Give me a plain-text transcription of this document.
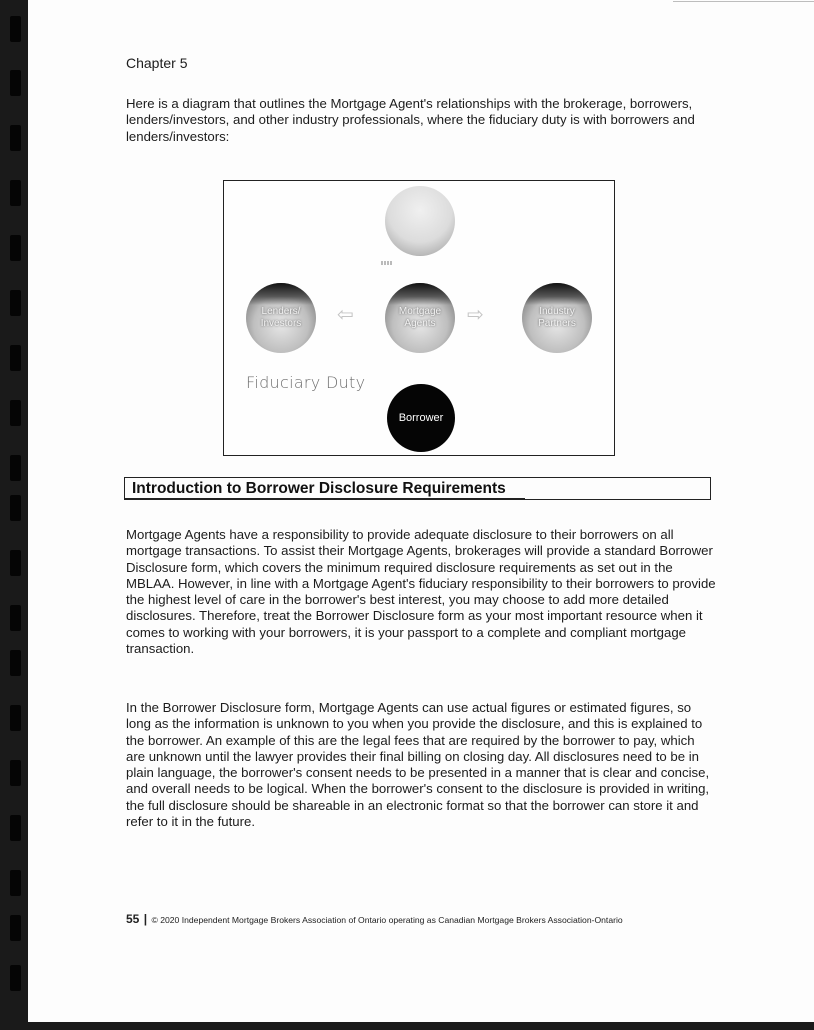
Chapter 5

Here is a diagram that outlines the Mortgage Agent's relationships with the brokerage, borrowers, lenders/investors, and other industry professionals, where the fiduciary duty is with borrowers and lenders/investors:

Lenders/ Investors	⇦	Mortgage Agents	⇨	Industry Partners
Fiduciary Duty
Borrower
Introduction to Borrower Disclosure Requirements

Mortgage Agents have a responsibility to provide adequate disclosure to their borrowers on all mortgage transactions. To assist their Mortgage Agents, brokerages will provide a standard Borrower Disclosure form, which covers the minimum required disclosure requirements as set out in the MBLAA. However, in line with a Mortgage Agent's fiduciary responsibility to their borrowers to provide the highest level of care in the borrower's best interest, you may choose to add more detailed disclosures. Therefore, treat the Borrower Disclosure form as your most important resource when it comes to working with your borrowers, it is your passport to a complete and compliant mortgage transaction.

In the Borrower Disclosure form, Mortgage Agents can use actual figures or estimated figures, so long as the information is unknown to you when you provide the disclosure, and this is explained to the borrower. An example of this are the legal fees that are required by the borrower to pay, which are unknown until the lawyer provides their final billing on closing day. All disclosures need to be in plain language, the borrower's consent needs to be presented in a manner that is clear and concise, and overall needs to be logical. When the borrower's consent to the disclosure is provided in writing, the full disclosure should be shareable in an electronic format so that the borrower can store it and refer to it in the future.

55 | © 2020 Independent Mortgage Brokers Association of Ontario operating as Canadian Mortgage Brokers Association-Ontario
